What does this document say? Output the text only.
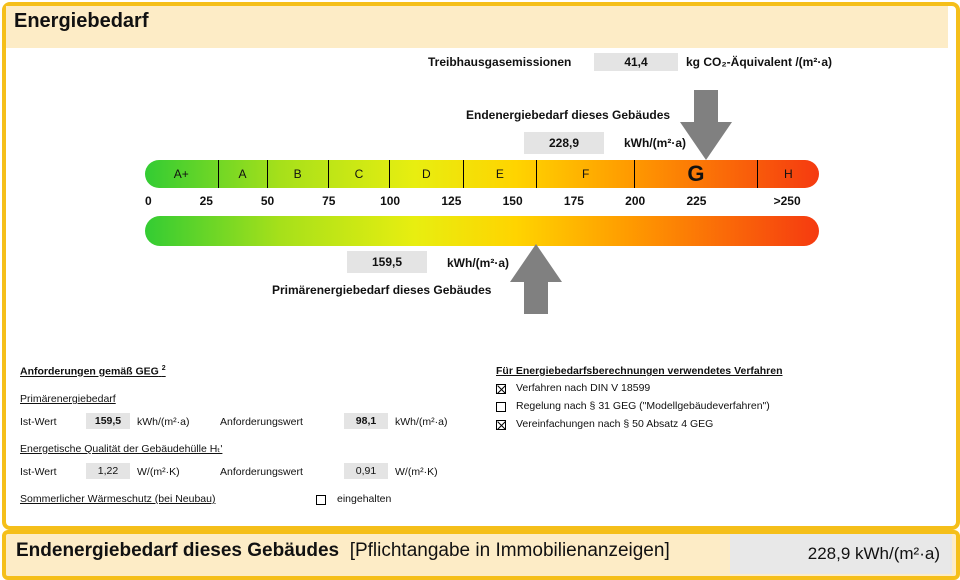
Energiebedarf
Treibhausgasemissionen	41,4	kg CO₂-Äquivalent /(m²·a)
Endenergiebedarf dieses Gebäudes
228,9	kWh/(m²·a)
A+	A	B	C	D	E	F	G	H
0	25	50	75	100	125	150	175	200	225	>250
159,5	kWh/(m²·a)
Primärenergiebedarf dieses Gebäudes
Anforderungen gemäß GEG $^2$
Primärenergiebedarf
Ist-Wert	159,5	kWh/(m²·a)	Anforderungswert	98,1	kWh/(m²·a)
Energetische Qualität der Gebäudehülle Hₜ'
Ist-Wert	1,22	W/(m²·K)	Anforderungswert	0,91	W/(m²·K)
Sommerlicher Wärmeschutz (bei Neubau)	eingehalten
Für Energiebedarfsberechnungen verwendetes Verfahren
Verfahren nach DIN V 18599
Regelung nach § 31 GEG ("Modellgebäudeverfahren")
Vereinfachungen nach § 50 Absatz 4 GEG
Endenergiebedarf dieses Gebäudes [Pflichtangabe in Immobilienanzeigen]	228,9 kWh/(m²·a)
